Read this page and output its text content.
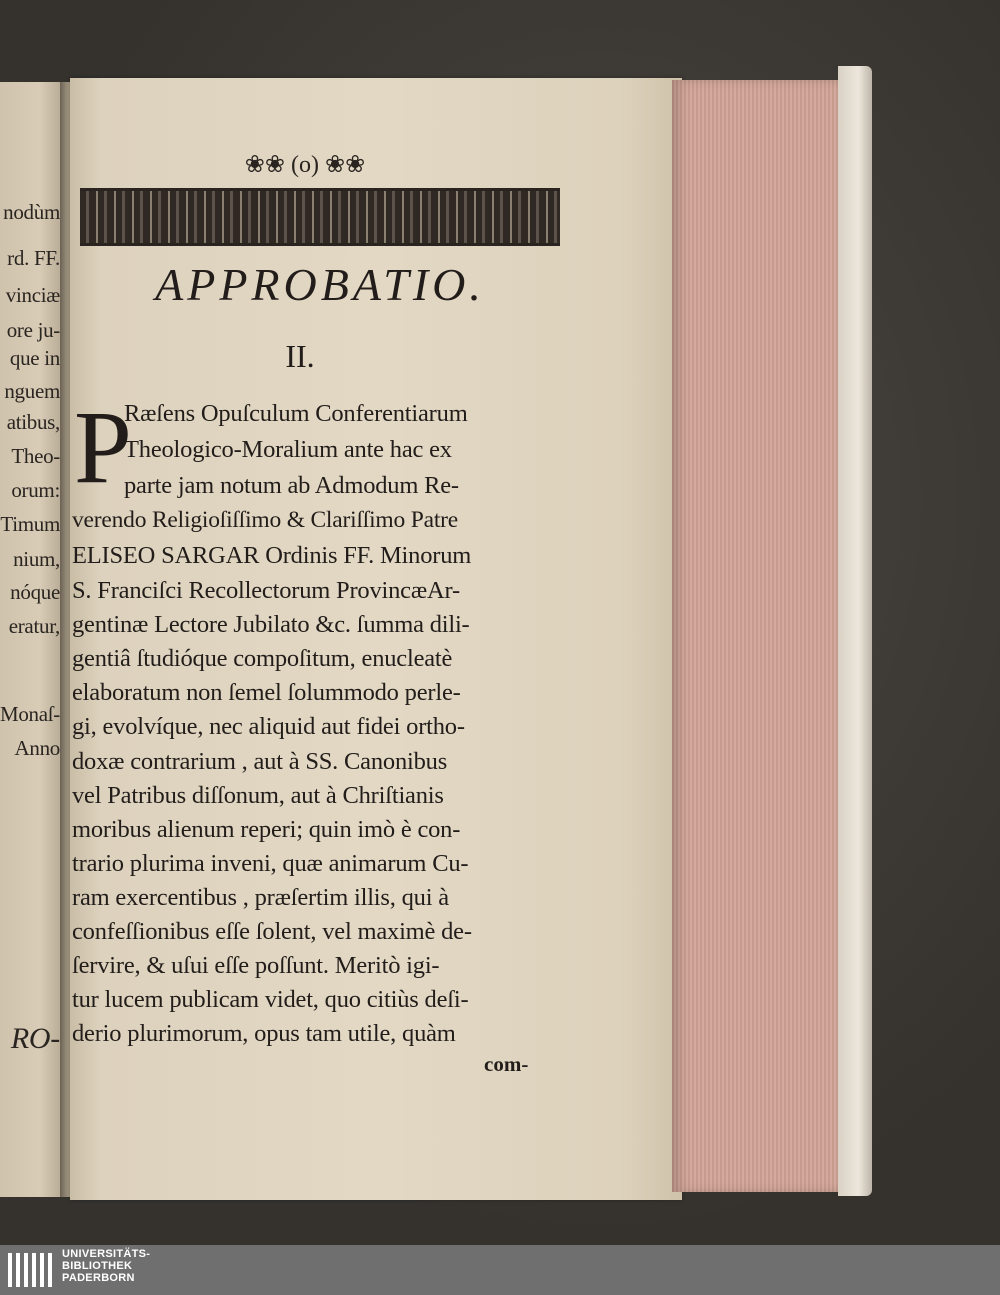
nodùm
rd. FF.
vinciæ
ore ju-
que in
nguem
atibus,
Theo-
orum:
Timum
nium,
nóque
eratur,
Monaſ-
Anno
RO-
❀❀ (o) ❀❀
APPROBATIO.
II.
P
Ræſens Opuſculum Conferentiarum
Theologico-Moralium ante hac ex
parte jam notum ab Admodum Re-
verendo Religioſiſſimo & Clariſſimo Patre
ELISEO SARGAR Ordinis FF. Minorum
S. Franciſci Recollectorum ProvincæAr-
gentinæ Lectore Jubilato &c. ſumma dili-
gentiâ ſtudióque compoſitum, enucleatè
elaboratum non ſemel ſolummodo perle-
gi, evolvíque, nec aliquid aut fidei ortho-
doxæ contrarium , aut à SS. Canonibus
vel Patribus diſſonum, aut à Chriſtianis
moribus alienum reperi; quin imò è con-
trario plurima inveni, quæ animarum Cu-
ram exercentibus , præſertim illis, qui à
confeſſionibus eſſe ſolent, vel maximè de-
ſervire, & uſui eſſe poſſunt. Meritò igi-
tur lucem publicam videt, quo citiùs deſi-
derio plurimorum, opus tam utile, quàm
com-
UNIVERSITÄTS-
BIBLIOTHEK
PADERBORN
